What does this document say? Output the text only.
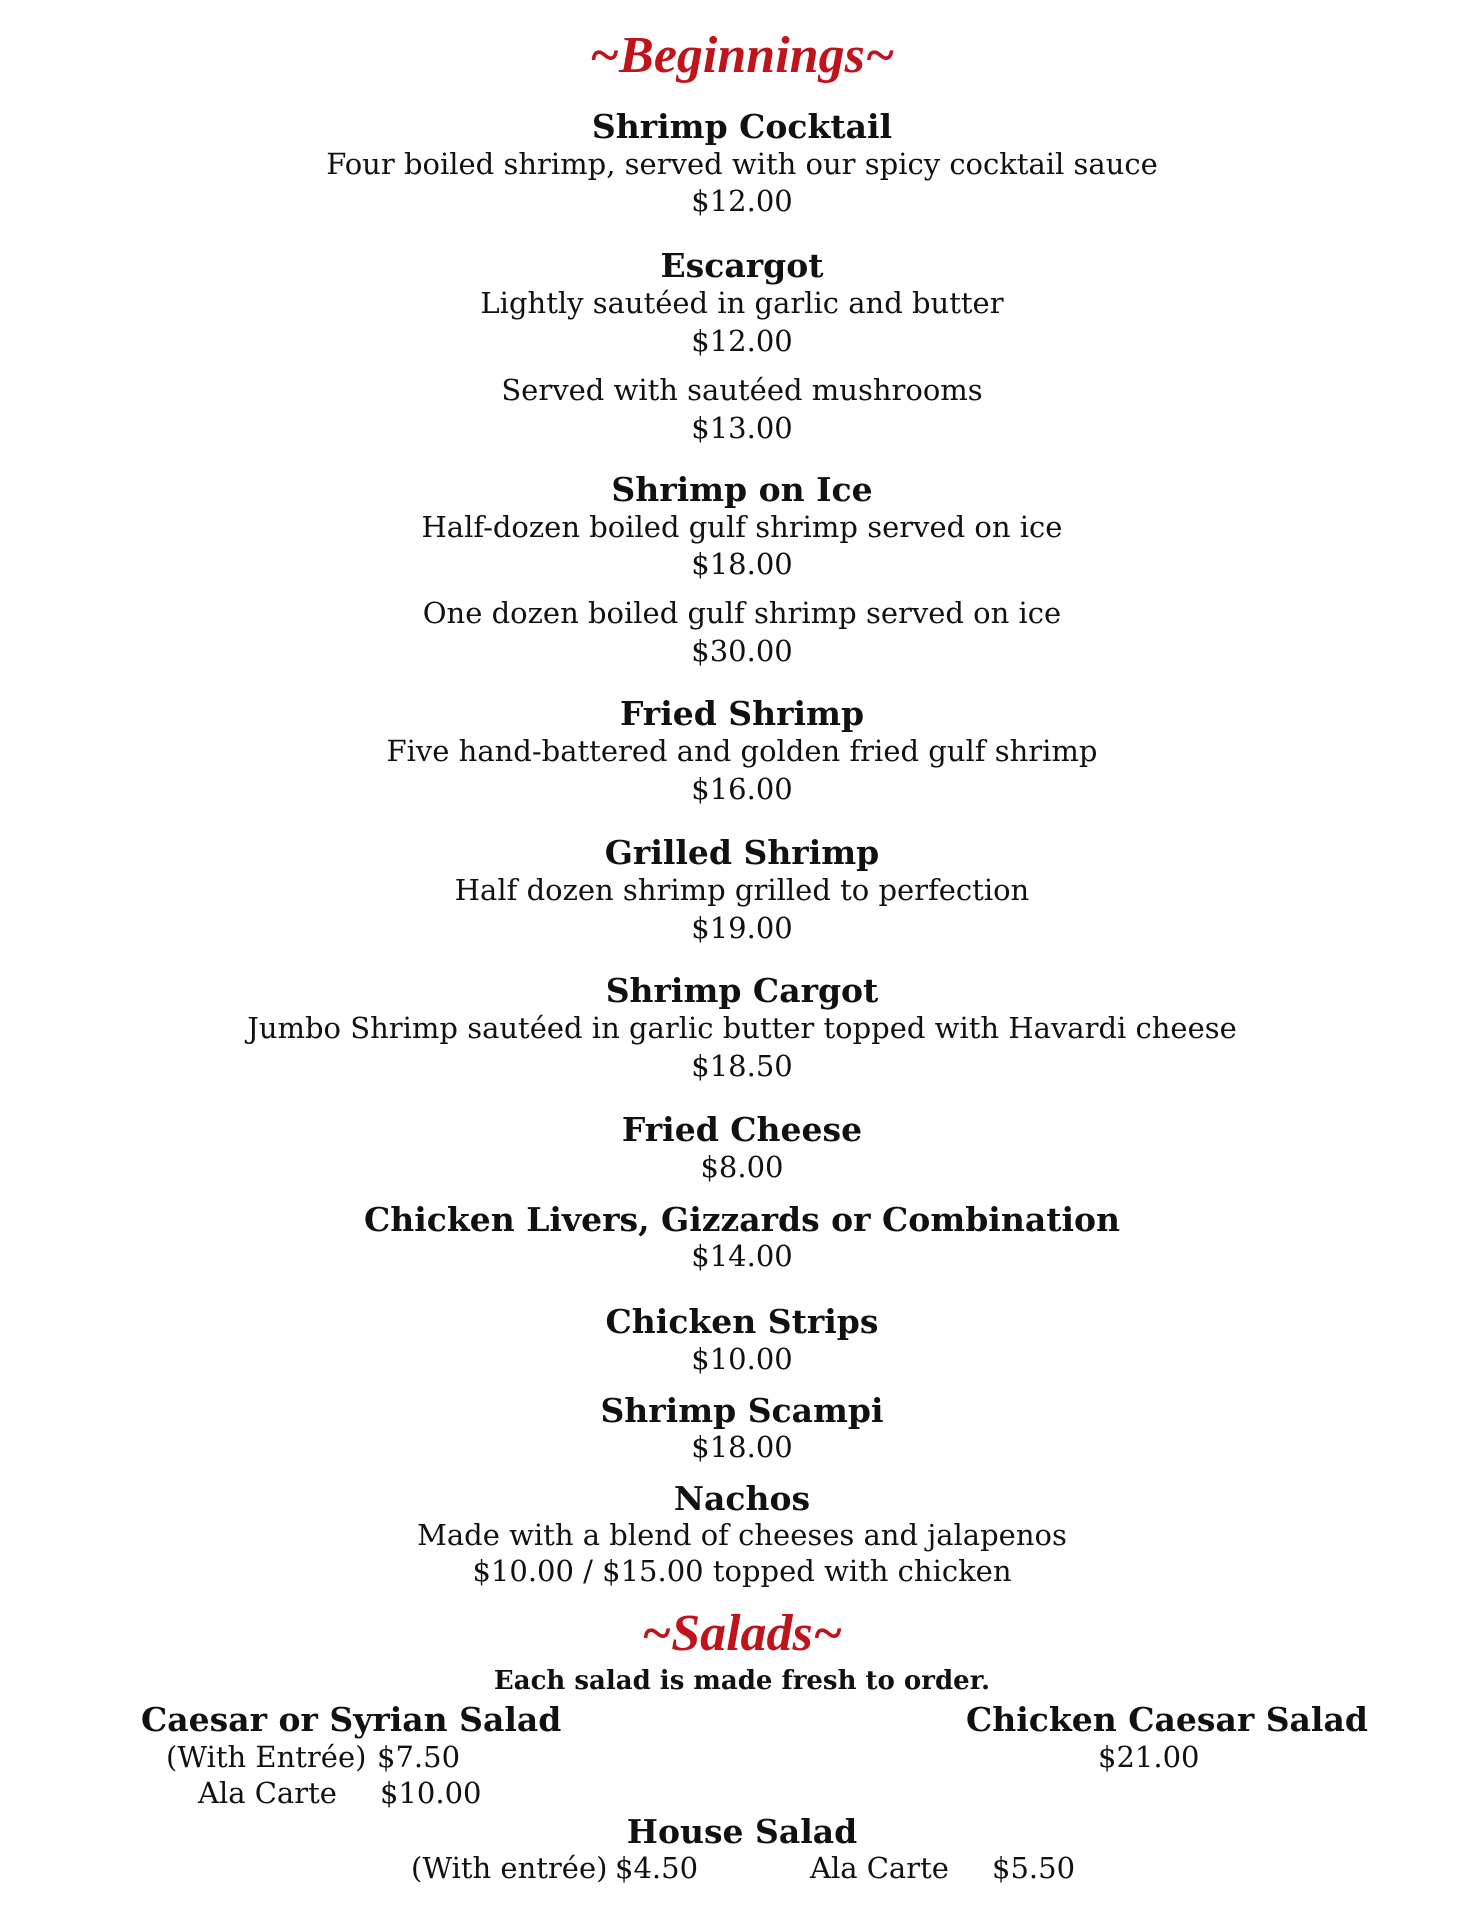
~Beginnings~
Shrimp Cocktail
Four boiled shrimp, served with our spicy cocktail sauce
$12.00
Escargot
Lightly sautéed in garlic and butter
$12.00
Served with sautéed mushrooms
$13.00
Shrimp on Ice
Half-dozen boiled gulf shrimp served on ice
$18.00
One dozen boiled gulf shrimp served on ice
$30.00
Fried Shrimp
Five hand-battered and golden fried gulf shrimp
$16.00
Grilled Shrimp
Half dozen shrimp grilled to perfection
$19.00
Shrimp Cargot
Jumbo Shrimp sautéed in garlic butter topped with Havardi cheese
$18.50
Fried Cheese
$8.00
Chicken Livers, Gizzards or Combination
$14.00
Chicken Strips
$10.00
Shrimp Scampi
$18.00
Nachos
Made with a blend of cheeses and jalapenos
$10.00 / $15.00 topped with chicken
~Salads~
Each salad is made fresh to order.
Caesar or Syrian Salad
(With Entrée) $7.50
Ala Carte $10.00
Chicken Caesar Salad
$21.00
House Salad
(With entrée) $4.50	Ala Carte $5.50
